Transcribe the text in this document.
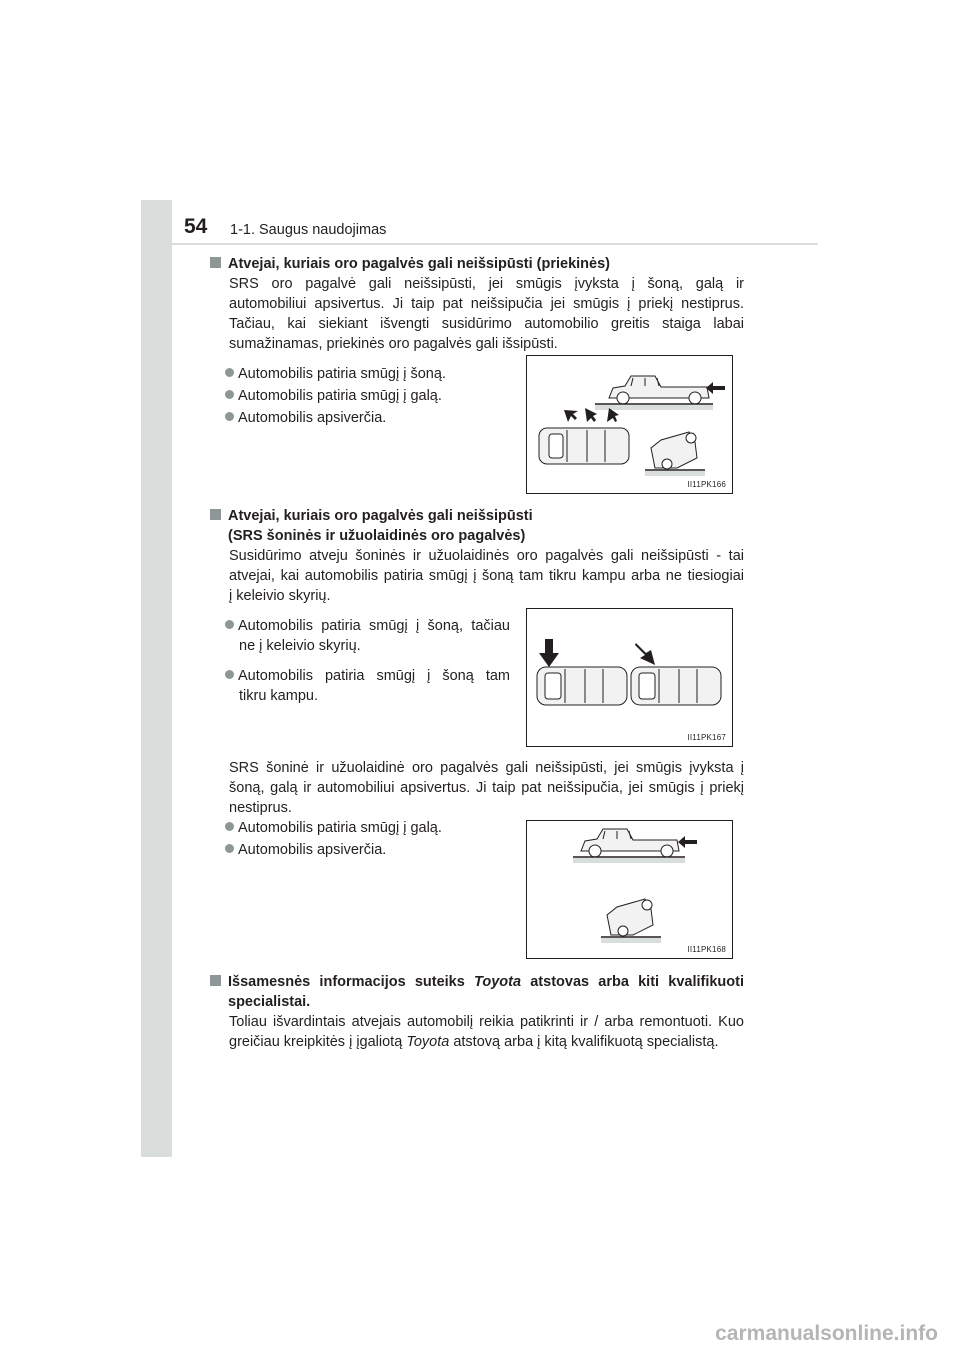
54 1-1. Saugus naudojimas
Atvejai, kuriais oro pagalvės gali neišsipūsti (priekinės)
SRS oro pagalvė gali neišsipūsti, jei smūgis įvyksta į šoną, galą ir
automobiliui apsivertus. Ji taip pat neišsipučia jei smūgis į priekį nestiprus.
Tačiau, kai siekiant išvengti susidūrimo automobilio greitis staiga labai
sumažinamas, priekinės oro pagalvės gali išsipūsti.
Automobilis patiria smūgį į šoną.
Automobilis patiria smūgį į galą.
Automobilis apsiverčia.
II11PK166
Atvejai, kuriais oro pagalvės gali neišsipūsti
(SRS šoninės ir užuolaidinės oro pagalvės)
Susidūrimo atveju šoninės ir užuolaidinės oro pagalvės gali neišsipūsti - tai
atvejai, kai automobilis patiria smūgį į šoną tam tikru kampu arba ne tiesiogiai
į keleivio skyrių.
Automobilis patiria smūgį į šoną, tačiau
ne į keleivio skyrių.
Automobilis patiria smūgį į šoną tam
tikru kampu.
II11PK167
SRS šoninė ir užuolaidinė oro pagalvės gali neišsipūsti, jei smūgis įvyksta į
šoną, galą ir automobiliui apsivertus. Ji taip pat neišsipučia, jei smūgis į priekį
nestiprus.
Automobilis patiria smūgį į galą.
Automobilis apsiverčia.
II11PK168
Išsamesnės informacijos suteiks Toyota atstovas arba kiti kvalifikuoti
specialistai.
Toliau išvardintais atvejais automobilį reikia patikrinti ir / arba remontuoti. Kuo
greičiau kreipkitės į įgaliotą Toyota atstovą arba į kitą kvalifikuotą specialistą.
carmanualsonline.info
